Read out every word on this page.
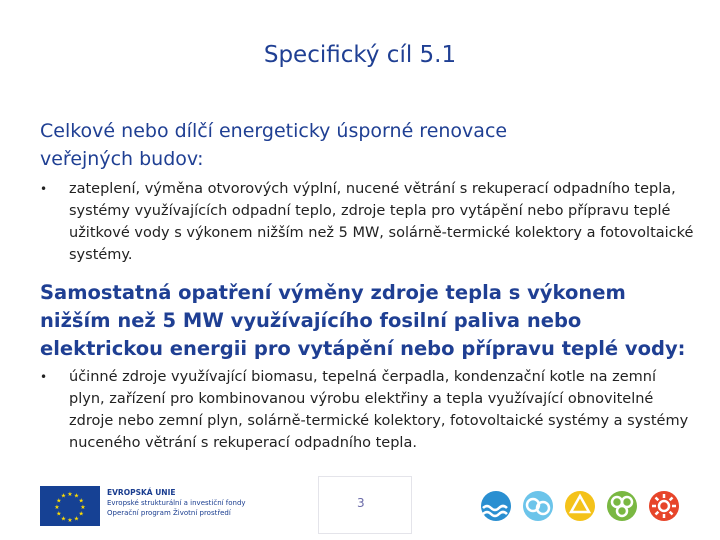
Specifický cíl 5.1
Celkové nebo dílčí energeticky úsporné renovace
veřejných budov:
• zateplení, výměna otvorových výplní, nucené větrání s rekuperací odpadního tepla, systémy využívajících odpadní teplo, zdroje tepla pro vytápění nebo přípravu teplé užitkové vody s výkonem nižším než 5 MW, solárně-termické kolektory a fotovoltaické systémy.
Samostatná opatření výměny zdroje tepla s výkonem
nižším než 5 MW využívajícího fosilní paliva nebo
elektrickou energii pro vytápění nebo přípravu teplé vody:
• účinné zdroje využívající biomasu, tepelná čerpadla, kondenzační kotle na zemní plyn, zařízení pro kombinovanou výrobu elektřiny a tepla využívající obnovitelné zdroje nebo zemní plyn, solárně-termické kolektory, fotovoltaické systémy a systémy nuceného větrání s rekuperací odpadního tepla.
★ ★
★
★
★
★
★
★
★
★
★
★	EVROPSKÁ UNIE
Evropské strukturální a investiční fondy
Operační program Životní prostředí
3
